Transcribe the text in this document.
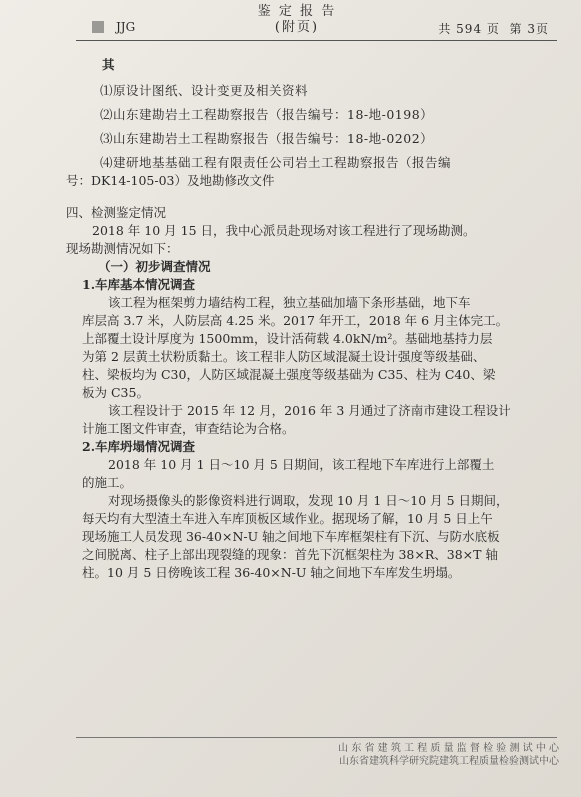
JJG
鉴 定 报 告
(附页)	共 594 页 第 3页
其
⑴原设计图纸、设计变更及相关资料
⑵山东建勘岩土工程勘察报告（报告编号：18-地-0198）
⑶山东建勘岩土工程勘察报告（报告编号：18-地-0202）
⑷建研地基基础工程有限责任公司岩土工程勘察报告（报告编
号：DK14-105-03）及地勘修改文件
四、检测鉴定情况
2018 年 10 月 15 日，我中心派员赴现场对该工程进行了现场勘测。
现场勘测情况如下：
（一）初步调查情况
1.车库基本情况调查
该工程为框架剪力墙结构工程，独立基础加墙下条形基础，地下车
库层高 3.7 米，人防层高 4.25 米。2017 年开工，2018 年 6 月主体完工。
上部覆土设计厚度为 1500mm，设计活荷载 4.0kN/m²。基础地基持力层
为第 2 层黄土状粉质黏土。该工程非人防区域混凝土设计强度等级基础、
柱、梁板均为 C30，人防区域混凝土强度等级基础为 C35、柱为 C40、梁
板为 C35。
该工程设计于 2015 年 12 月，2016 年 3 月通过了济南市建设工程设计
计施工图文件审查，审查结论为合格。
2.车库坍塌情况调查
2018 年 10 月 1 日～10 月 5 日期间，该工程地下车库进行上部覆土
的施工。
对现场摄像头的影像资料进行调取，发现 10 月 1 日～10 月 5 日期间，
每天均有大型渣土车进入车库顶板区域作业。据现场了解，10 月 5 日上午
现场施工人员发现 36-40×N-U 轴之间地下车库框架柱有下沉、与防水底板
之间脱离、柱子上部出现裂缝的现象：首先下沉框架柱为 38×R、38×T 轴
柱。10 月 5 日傍晚该工程 36-40×N-U 轴之间地下车库发生坍塌。
山 东 省 建 筑 工 程 质 量 监 督 检 验 测 试 中 心
山东省建筑科学研究院建筑工程质量检验测试中心
